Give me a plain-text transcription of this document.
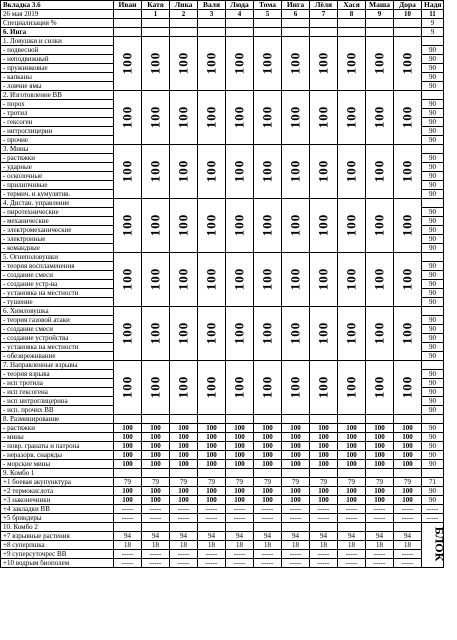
Вкладка 3.6	Иван	Катя	Лика	Валя	Люда	Тома	Инга	Лёля	Хася	Маша	Дора	Надя
26 мая 2019		1	2	3	4	5	6	7	8	9	10	11
Специализация %												9
6. Инга												9
1. Ловушки и силки	100	100	100	100	100	100	100	100	100	100	100	
- подвесной												90
- неподвижный												90
- пружинковые												90
- капканы												90
- ловчие ямы												90
2. Изготовление ВВ	100	100	100	100	100	100	100	100	100	100	100	
- порох												90
- тротил												90
- гексоген												90
- нитроглицерин												90
- прочие												90
3. Мины	100	100	100	100	100	100	100	100	100	100	100	
- растяжки												90
- ударные												90
- осколочные												90
- прилипчивые												90
- термич. и кумулятив.												90
4. Дистан. управление	100	100	100	100	100	100	100	100	100	100	100	
- пиротехнические												90
- механические												90
- электромеханические												90
- электронные												90
- командные												90
5. Огнеполовушки	100	100	100	100	100	100	100	100	100	100	100	
- теория воспламенения												90
- создание смеси												90
- создание устр-ва												90
- установка на местности												90
- тушение												90
6. Химловушка	100	100	100	100	100	100	100	100	100	100	100	
- теория газовой атаки												90
- создание смеси												90
- создание устройства												90
- установка на местности												90
- обезвреживание												90
7. Направленные взрывы	100	100	100	100	100	100	100	100	100	100	100	
- теория взрыва												90
- исп тротила												90
- исп гексогена												90
- исп нитроглицерина												90
- исп. прочих ВВ												90
8. Разминирование												
- растяжки	100	100	100	100	100	100	100	100	100	100	100	90
- мины	100	100	100	100	100	100	100	100	100	100	100	90
- повр. гранаты и патрона	100	100	100	100	100	100	100	100	100	100	100	90
- неразорв. снаряды	100	100	100	100	100	100	100	100	100	100	100	90
- морские мины	100	100	100	100	100	100	100	100	100	100	100	90
9. Комбо 1												
+1 боевая акупунктура	79	79	79	79	79	79	79	79	79	79	79	71
+2 термокислота	100	100	100	100	100	100	100	100	100	100	100	90
+3 наконечники	100	100	100	100	100	100	100	100	100	100	100	90
+4 закладки ВВ	-----	-----	-----	-----	-----	-----	-----	-----	-----	-----	-----	-----
+5 бриндеры	-----	-----	-----	-----	-----	-----	-----	-----	-----	-----	-----	-----
10. Комбо 2												БЛОК
+7 взрывные растения	94	94	94	94	94	94	94	94	94	94	94	
+8 суперпшка	18	18	18	18	18	18	18	18	18	18	18	
+9 суперсуточрес ВВ	-----	-----	-----	-----	-----	-----	-----	-----	-----	-----	-----	
+10 водрым биополем	-----	-----	-----	-----	-----	-----	-----	-----	-----	-----	-----	
